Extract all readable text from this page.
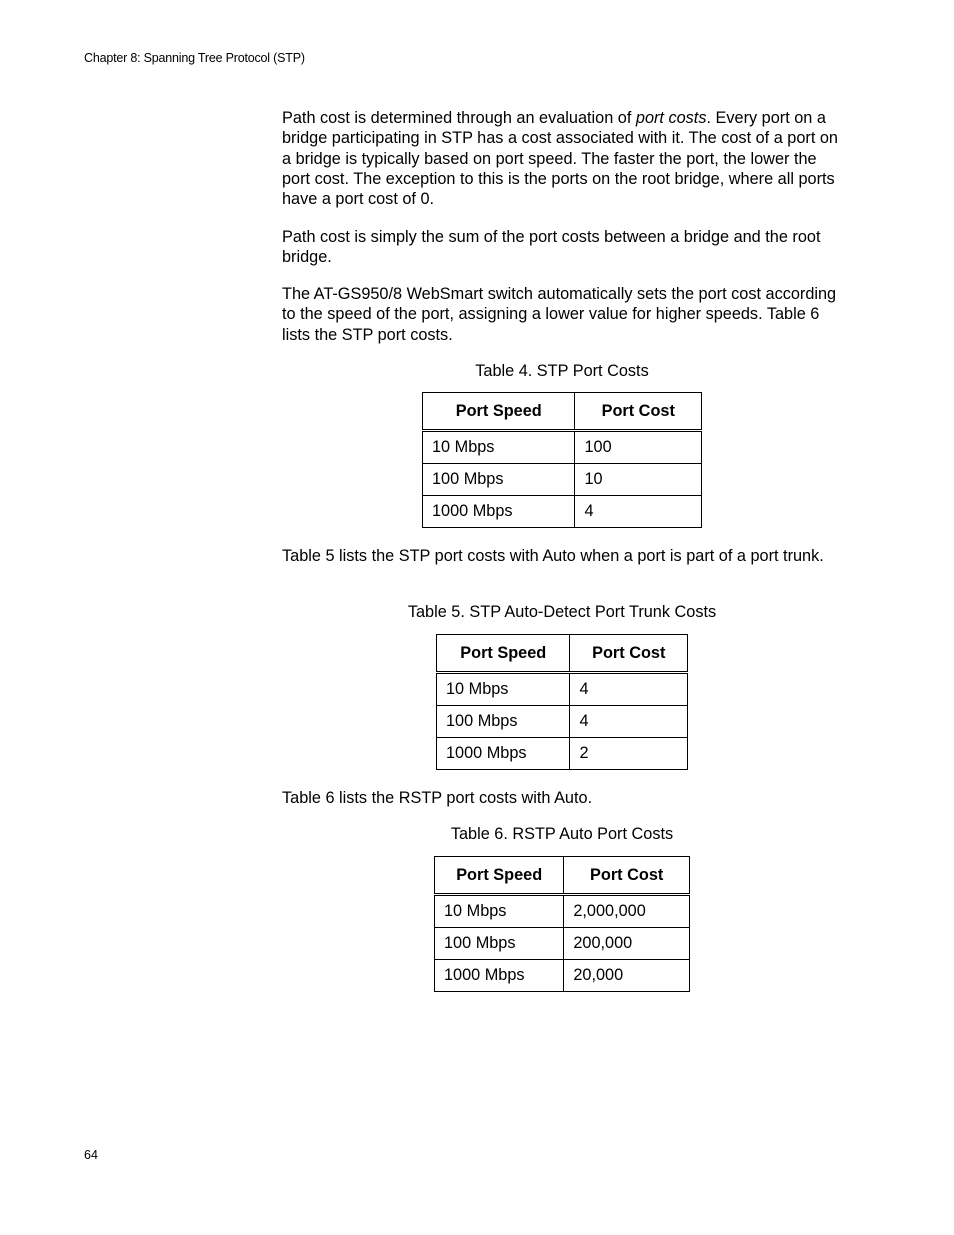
Chapter 8: Spanning Tree Protocol (STP)

Path cost is determined through an evaluation of port costs. Every port on a bridge participating in STP has a cost associated with it. The cost of a port on a bridge is typically based on port speed. The faster the port, the lower the port cost. The exception to this is the ports on the root bridge, where all ports have a port cost of 0.

Path cost is simply the sum of the port costs between a bridge and the root bridge.

The AT-GS950/8 WebSmart switch automatically sets the port cost according to the speed of the port, assigning a lower value for higher speeds. Table 6 lists the STP port costs.

Table 4. STP Port Costs

Port Speed	Port Cost
10 Mbps	100
100 Mbps	10
1000 Mbps	4

Table 5 lists the STP port costs with Auto when a port is part of a port trunk.

Table 5. STP Auto-Detect Port Trunk Costs

Port Speed	Port Cost
10 Mbps	4
100 Mbps	4
1000 Mbps	2

Table 6 lists the RSTP port costs with Auto.

Table 6. RSTP Auto Port Costs

Port Speed	Port Cost
10 Mbps	2,000,000
100 Mbps	200,000
1000 Mbps	20,000
64
